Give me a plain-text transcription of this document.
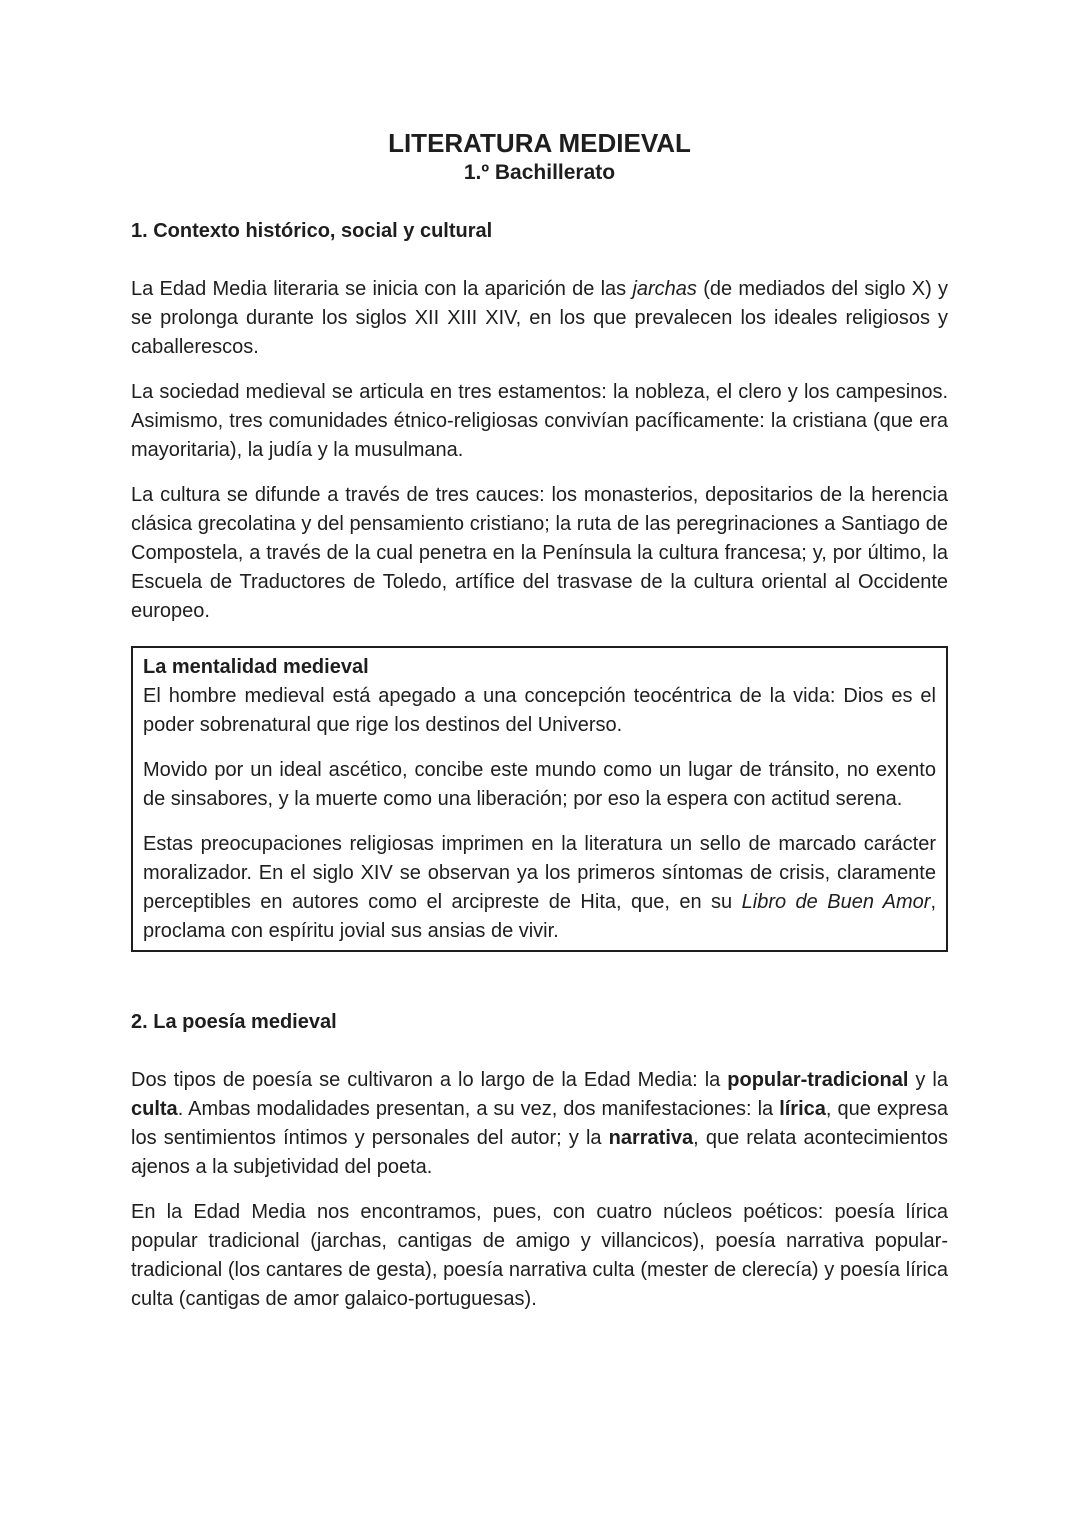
LITERATURA MEDIEVAL
1.º Bachillerato
1. Contexto histórico, social y cultural

La Edad Media literaria se inicia con la aparición de las jarchas (de mediados del siglo X) y se prolonga durante los siglos XII XIII XIV, en los que prevalecen los ideales religiosos y caballerescos.

La sociedad medieval se articula en tres estamentos: la nobleza, el clero y los campesinos. Asimismo, tres comunidades étnico-religiosas convivían pacíficamente: la cristiana (que era mayoritaria), la judía y la musulmana.

La cultura se difunde a través de tres cauces: los monasterios, depositarios de la herencia clásica grecolatina y del pensamiento cristiano; la ruta de las peregrinaciones a Santiago de Compostela, a través de la cual penetra en la Península la cultura francesa; y, por último, la Escuela de Traductores de Toledo, artífice del trasvase de la cultura oriental al Occidente europeo.

La mentalidad medieval

El hombre medieval está apegado a una concepción teocéntrica de la vida: Dios es el poder sobrenatural que rige los destinos del Universo.

Movido por un ideal ascético, concibe este mundo como un lugar de tránsito, no exento de sinsabores, y la muerte como una liberación; por eso la espera con actitud serena.

Estas preocupaciones religiosas imprimen en la literatura un sello de marcado carácter moralizador. En el siglo XIV se observan ya los primeros síntomas de crisis, claramente perceptibles en autores como el arcipreste de Hita, que, en su Libro de Buen Amor, proclama con espíritu jovial sus ansias de vivir.

2. La poesía medieval

Dos tipos de poesía se cultivaron a lo largo de la Edad Media: la popular-tradicional y la culta. Ambas modalidades presentan, a su vez, dos manifestaciones: la lírica, que expresa los sentimientos íntimos y personales del autor; y la narrativa, que relata acontecimientos ajenos a la subjetividad del poeta.

En la Edad Media nos encontramos, pues, con cuatro núcleos poéticos: poesía lírica popular tradicional (jarchas, cantigas de amigo y villancicos), poesía narrativa popular-tradicional (los cantares de gesta), poesía narrativa culta (mester de clerecía) y poesía lírica culta (cantigas de amor galaico-portuguesas).
